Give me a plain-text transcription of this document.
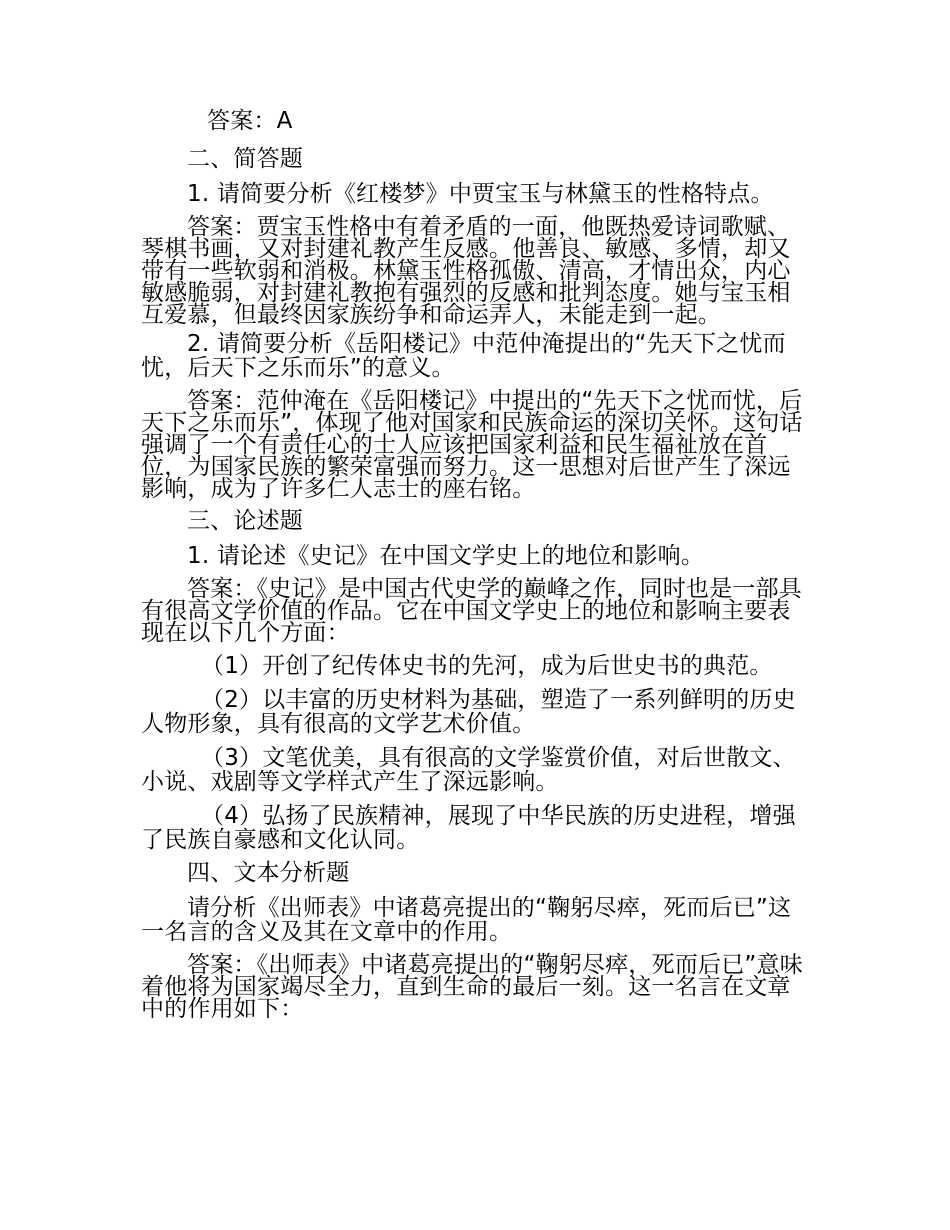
答案：A

二、简答题

1. 请简要分析《红楼梦》中贾宝玉与林黛玉的性格特点。

答案：贾宝玉性格中有着矛盾的一面，他既热爱诗词歌赋、琴棋书画，又对封建礼教产生反感。他善良、敏感、多情，却又带有一些软弱和消极。林黛玉性格孤傲、清高，才情出众，内心敏感脆弱，对封建礼教抱有强烈的反感和批判态度。她与宝玉相互爱慕，但最终因家族纷争和命运弄人，未能走到一起。

2. 请简要分析《岳阳楼记》中范仲淹提出的“先天下之忧而忧，后天下之乐而乐”的意义。

答案：范仲淹在《岳阳楼记》中提出的“先天下之忧而忧，后天下之乐而乐”，体现了他对国家和民族命运的深切关怀。这句话强调了一个有责任心的士人应该把国家利益和民生福祉放在首位，为国家民族的繁荣富强而努力。这一思想对后世产生了深远影响，成为了许多仁人志士的座右铭。

三、论述题

1. 请论述《史记》在中国文学史上的地位和影响。

答案：《史记》是中国古代史学的巅峰之作，同时也是一部具有很高文学价值的作品。它在中国文学史上的地位和影响主要表现在以下几个方面：

（1）开创了纪传体史书的先河，成为后世史书的典范。

（2）以丰富的历史材料为基础，塑造了一系列鲜明的历史人物形象，具有很高的文学艺术价值。

（3）文笔优美，具有很高的文学鉴赏价值，对后世散文、小说、戏剧等文学样式产生了深远影响。

（4）弘扬了民族精神，展现了中华民族的历史进程，增强了民族自豪感和文化认同。

四、文本分析题

请分析《出师表》中诸葛亮提出的“鞠躬尽瘁，死而后已”这一名言的含义及其在文章中的作用。

答案：《出师表》中诸葛亮提出的“鞠躬尽瘁，死而后已”意味着他将为国家竭尽全力，直到生命的最后一刻。这一名言在文章中的作用如下：
